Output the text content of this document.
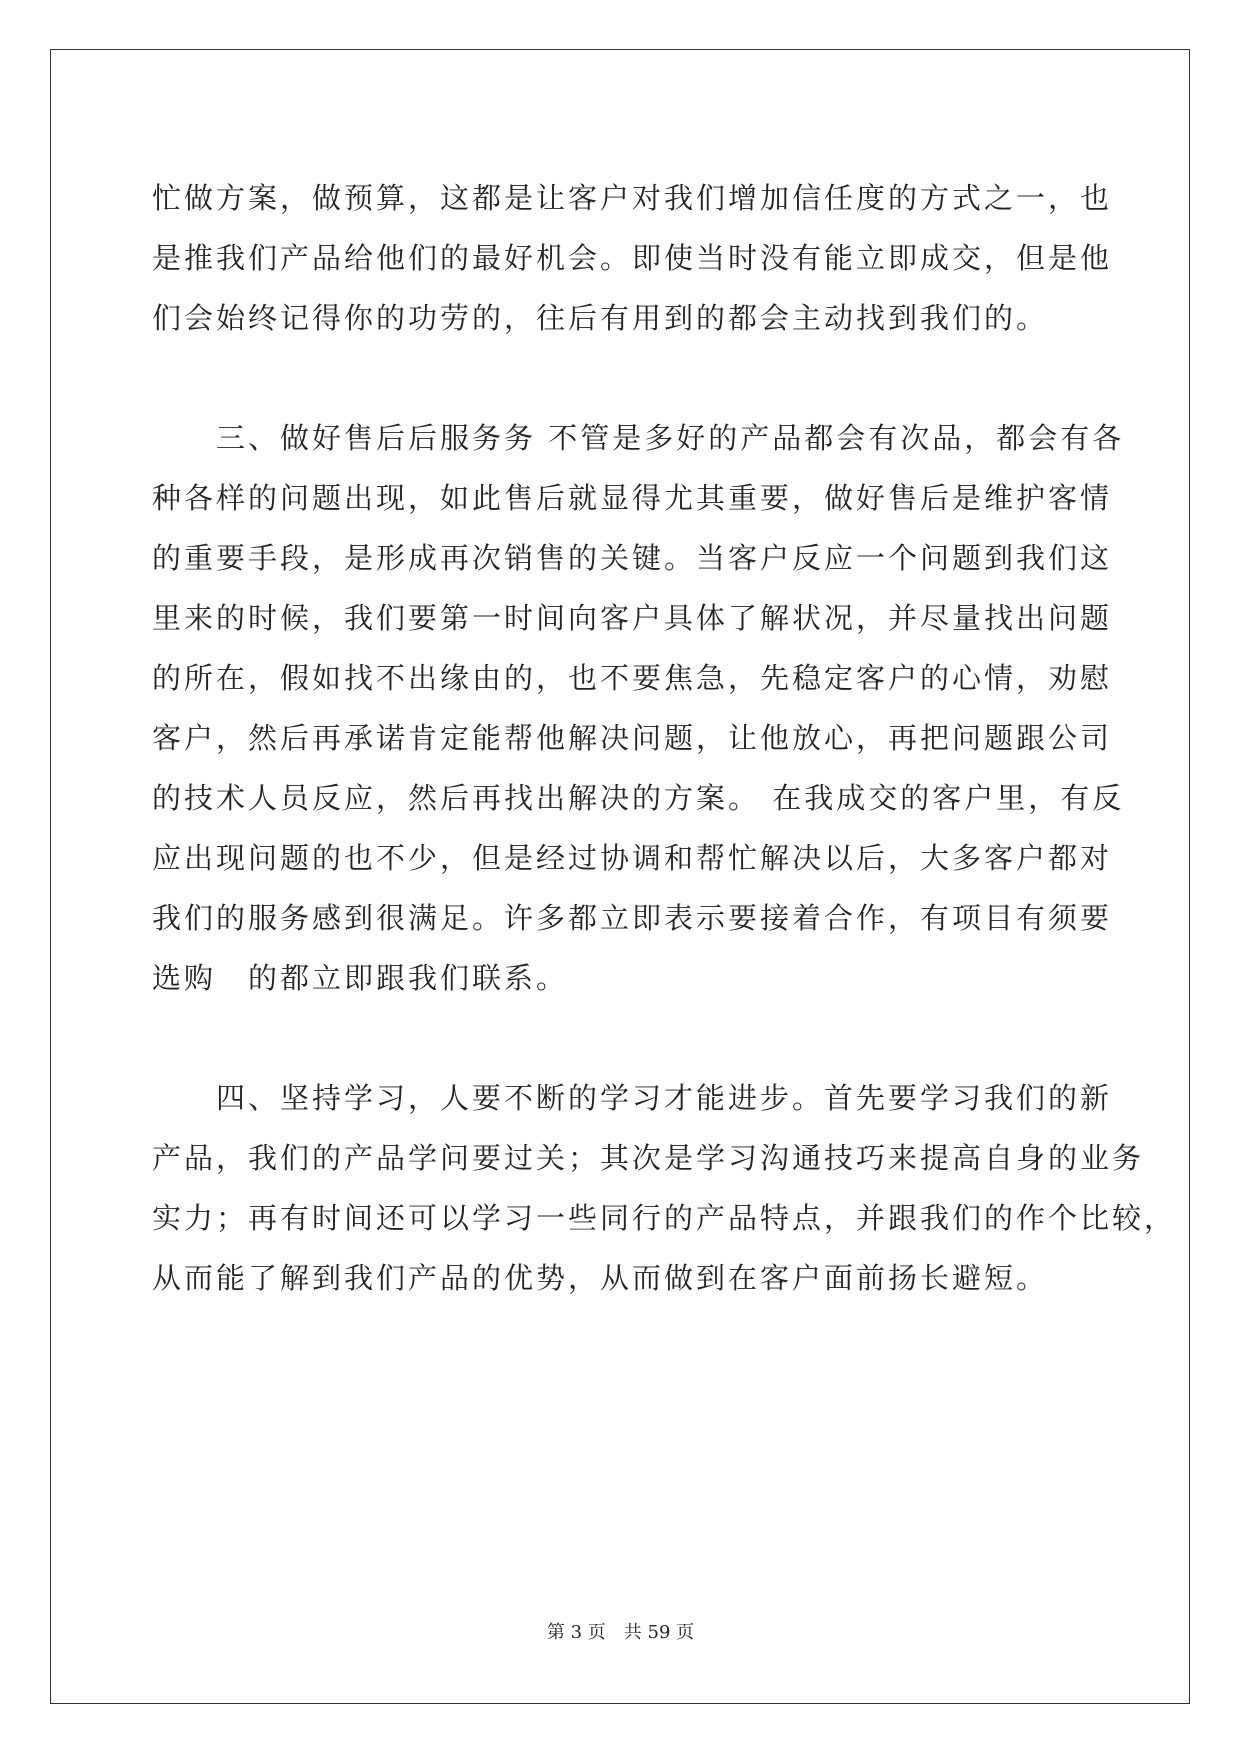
忙做方案，做预算，这都是让客户对我们增加信任度的方式之一，也
是推我们产品给他们的最好机会。即使当时没有能立即成交，但是他
们会始终记得你的功劳的，往后有用到的都会主动找到我们的。
三、做好售后后服务务 不管是多好的产品都会有次品，都会有各
种各样的问题出现，如此售后就显得尤其重要，做好售后是维护客情
的重要手段，是形成再次销售的关键。当客户反应一个问题到我们这
里来的时候，我们要第一时间向客户具体了解状况，并尽量找出问题
的所在，假如找不出缘由的，也不要焦急，先稳定客户的心情，劝慰
客户，然后再承诺肯定能帮他解决问题，让他放心，再把问题跟公司
的技术人员反应，然后再找出解决的方案。 在我成交的客户里，有反
应出现问题的也不少，但是经过协调和帮忙解决以后，大多客户都对
我们的服务感到很满足。许多都立即表示要接着合作，有项目有须要
选购　的都立即跟我们联系。
四、坚持学习，人要不断的学习才能进步。首先要学习我们的新
产品，我们的产品学问要过关；其次是学习沟通技巧来提高自身的业务
实力；再有时间还可以学习一些同行的产品特点，并跟我们的作个比较，
从而能了解到我们产品的优势，从而做到在客户面前扬长避短。
第 3 页　共 59 页
